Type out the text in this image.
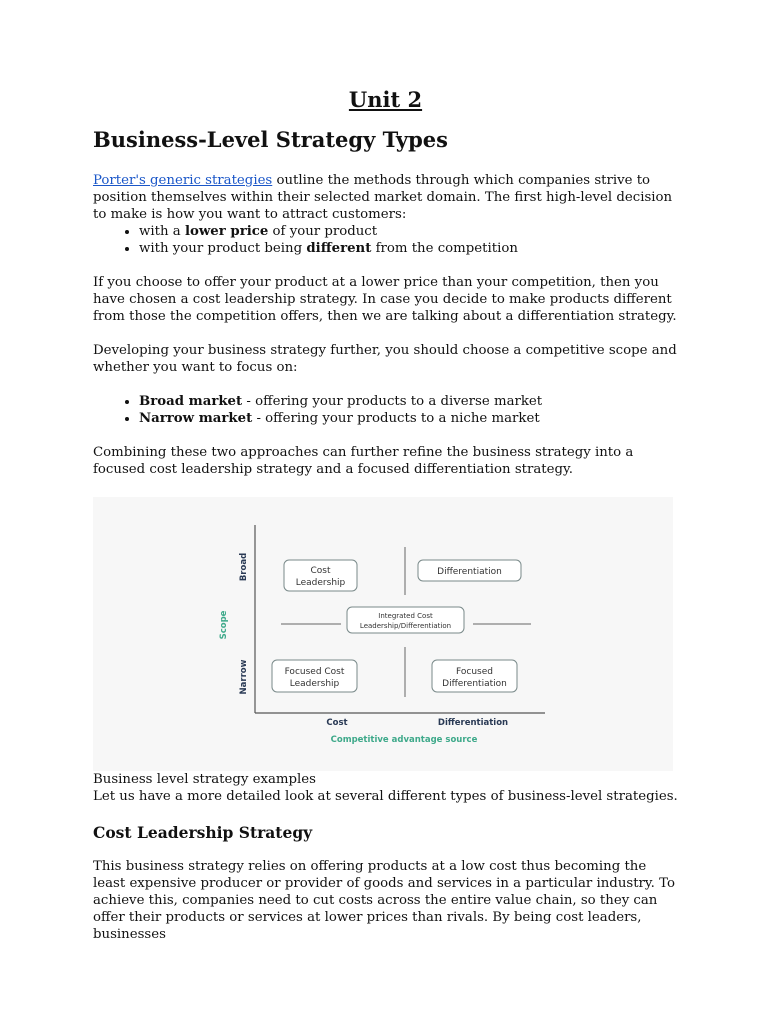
Unit 2
Business-Level Strategy Types

Porter's generic strategies outline the methods through which companies strive to position themselves within their selected market domain. The first high-level decision to make is how you want to attract customers:

• with a lower price of your product
• with your product being different from the competition

If you choose to offer your product at a lower price than your competition, then you have chosen a cost leadership strategy. In case you decide to make products different from those the competition offers, then we are talking about a differentiation strategy.

Developing your business strategy further, you should choose a competitive scope and whether you want to focus on:

• Broad market - offering your products to a diverse market
• Narrow market - offering your products to a niche market

Combining these two approaches can further refine the business strategy into a focused cost leadership strategy and a focused differentiation strategy.

Broad
Scope
Narrow
Cost	Differentiation
Competitive advantage source
Cost
Leadership
Differentiation
Integrated Cost
Leadership/Differentiation
Focused Cost
Leadership
Focused
Differentiation

Business level strategy examples

Let us have a more detailed look at several different types of business-level strategies.

Cost Leadership Strategy

This business strategy relies on offering products at a low cost thus becoming the least expensive producer or provider of goods and services in a particular industry. To achieve this, companies need to cut costs across the entire value chain, so they can offer their products or services at lower prices than rivals. By being cost leaders, businesses
